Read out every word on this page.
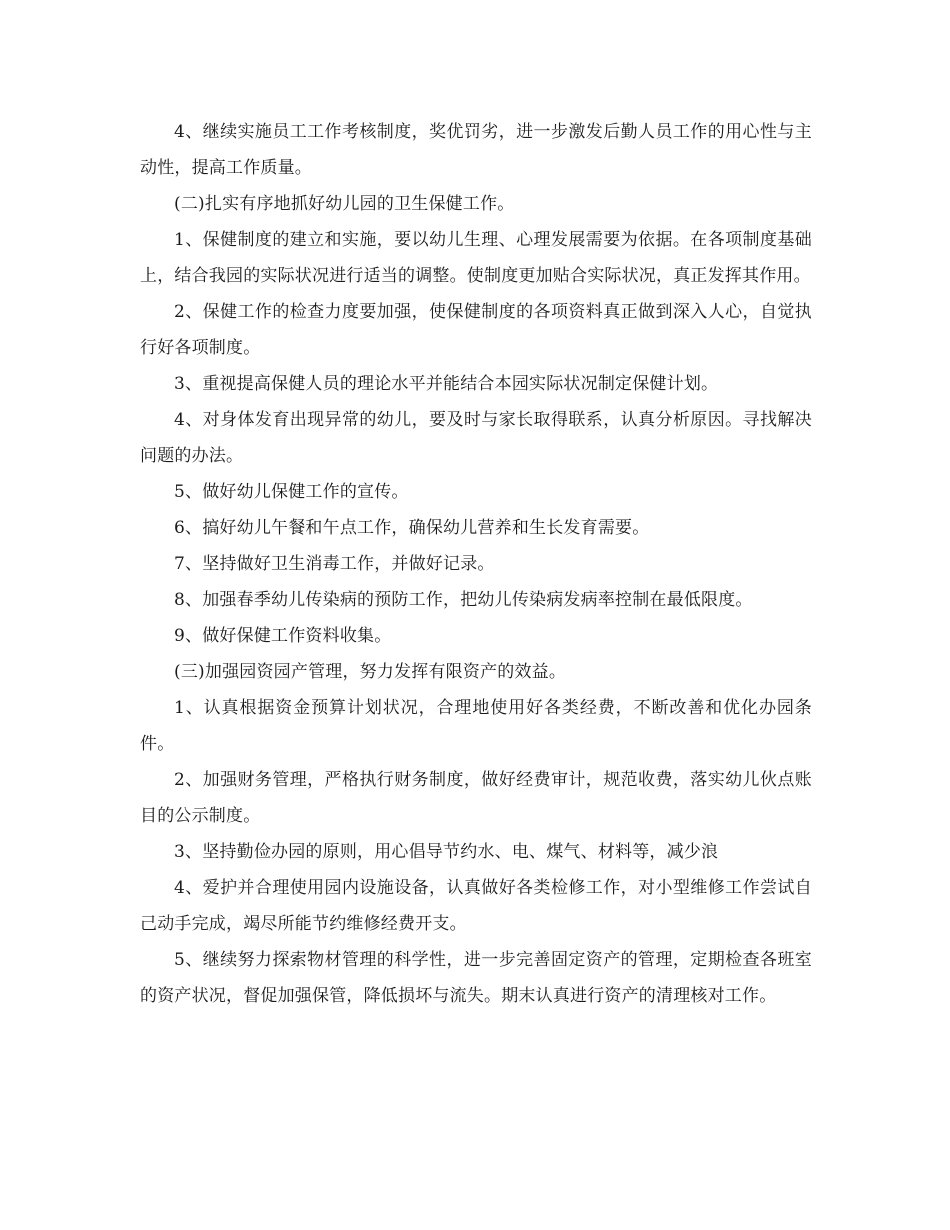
4、继续实施员工工作考核制度，奖优罚劣，进一步激发后勤人员工作的用心性与主动性，提高工作质量。

(二)扎实有序地抓好幼儿园的卫生保健工作。

1、保健制度的建立和实施，要以幼儿生理、心理发展需要为依据。在各项制度基础上，结合我园的实际状况进行适当的调整。使制度更加贴合实际状况，真正发挥其作用。

2、保健工作的检查力度要加强，使保健制度的各项资料真正做到深入人心，自觉执行好各项制度。

3、重视提高保健人员的理论水平并能结合本园实际状况制定保健计划。

4、对身体发育出现异常的幼儿，要及时与家长取得联系，认真分析原因。寻找解决问题的办法。

5、做好幼儿保健工作的宣传。

6、搞好幼儿午餐和午点工作，确保幼儿营养和生长发育需要。

7、坚持做好卫生消毒工作，并做好记录。

8、加强春季幼儿传染病的预防工作，把幼儿传染病发病率控制在最低限度。

9、做好保健工作资料收集。

(三)加强园资园产管理，努力发挥有限资产的效益。

1、认真根据资金预算计划状况，合理地使用好各类经费，不断改善和优化办园条件。

2、加强财务管理，严格执行财务制度，做好经费审计，规范收费，落实幼儿伙点账目的公示制度。

3、坚持勤俭办园的原则，用心倡导节约水、电、煤气、材料等，减少浪

4、爱护并合理使用园内设施设备，认真做好各类检修工作，对小型维修工作尝试自己动手完成，竭尽所能节约维修经费开支。

5、继续努力探索物材管理的科学性，进一步完善固定资产的管理，定期检查各班室的资产状况，督促加强保管，降低损坏与流失。期末认真进行资产的清理核对工作。
